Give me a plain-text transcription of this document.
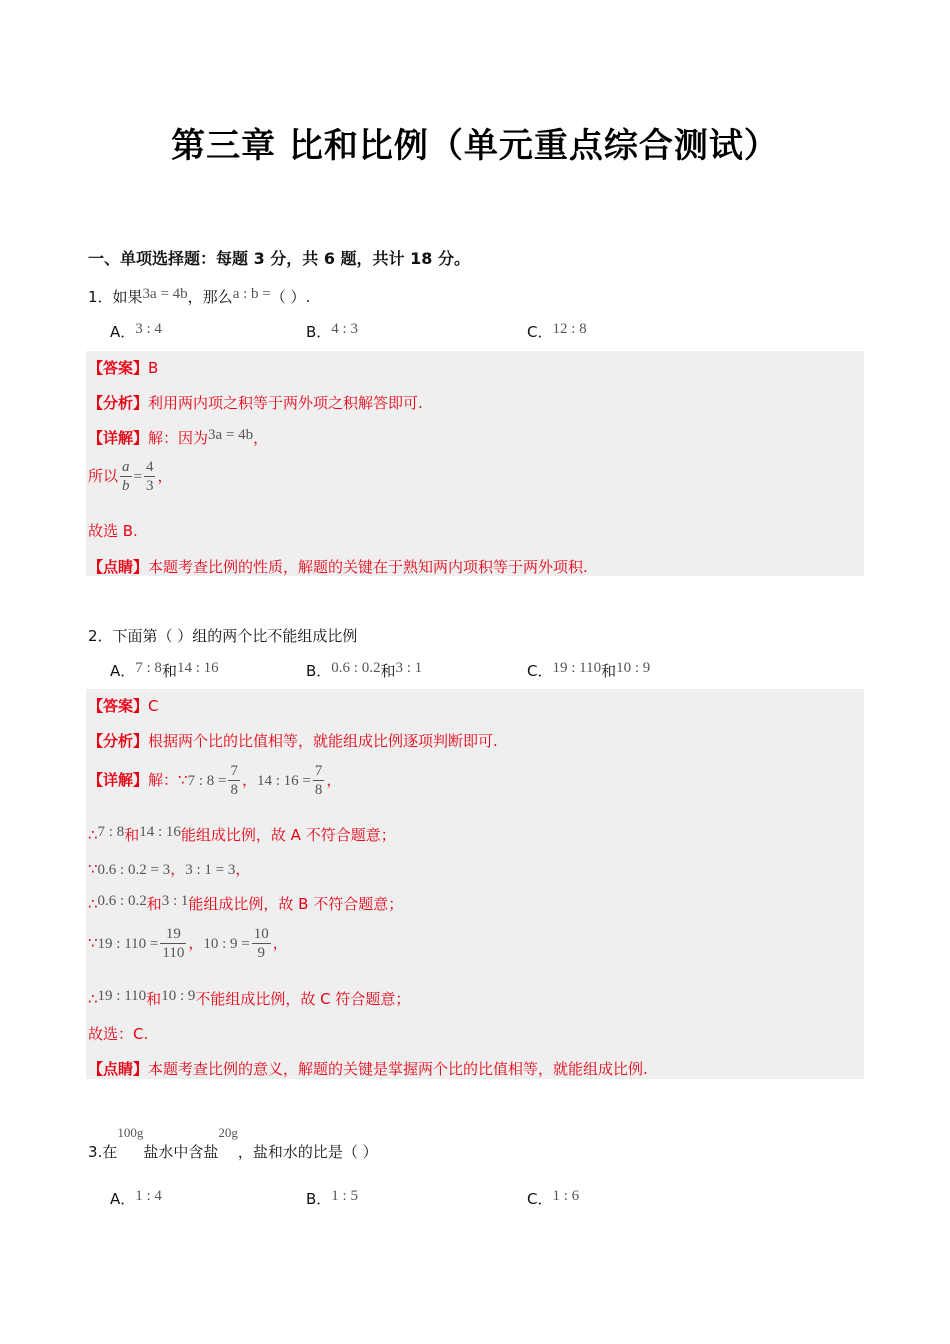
第三章 比和比例（单元重点综合测试）
一、单项选择题：每题 3 分，共 6 题，共计 18 分。
1．如果3a = 4b，那么a : b =（ ）.
A．3 : 4	B．4 : 3	C．12 : 8
【答案】B
【分析】利用两内项之积等于两外项之积解答即可.
【详解】解：因为3a = 4b，
所以 $\frac{a}{b} = \frac{4}{3}$ ，
故选 B.
【点睛】本题考查比例的性质，解题的关键在于熟知两内项积等于两外项积.
2．下面第（ ）组的两个比不能组成比例
A．7 : 8和14 : 16	B．0.6 : 0.2和3 : 1	C．19 : 110和10 : 9
【答案】C
【分析】根据两个比的比值相等，就能组成比例逐项判断即可.
【详解】解：∵7 : $8 = \frac{7}{8}$ ，14 : $16 = \frac{7}{8}$ ，
∴7 : 8和14 : 16能组成比例，故 A 不符合题意；
∵0.6 : 0.2 = 3，3 : 1 = 3，
∴0.6 : 0.2和3 : 1能组成比例，故 B 不符合题意；
∵19 : $110 = \frac{19}{110}$ ，10 : $9 = \frac{10}{9}$ ，
∴19 : 110和10 : 9不能组成比例，故 C 符合题意；
故选：C.
【点睛】本题考查比例的意义，解题的关键是掌握两个比的比值相等，就能组成比例.
3.在100g盐水中含盐20g，盐和水的比是（ ）
A．1 : 4	B．1 : 5	C．1 : 6
